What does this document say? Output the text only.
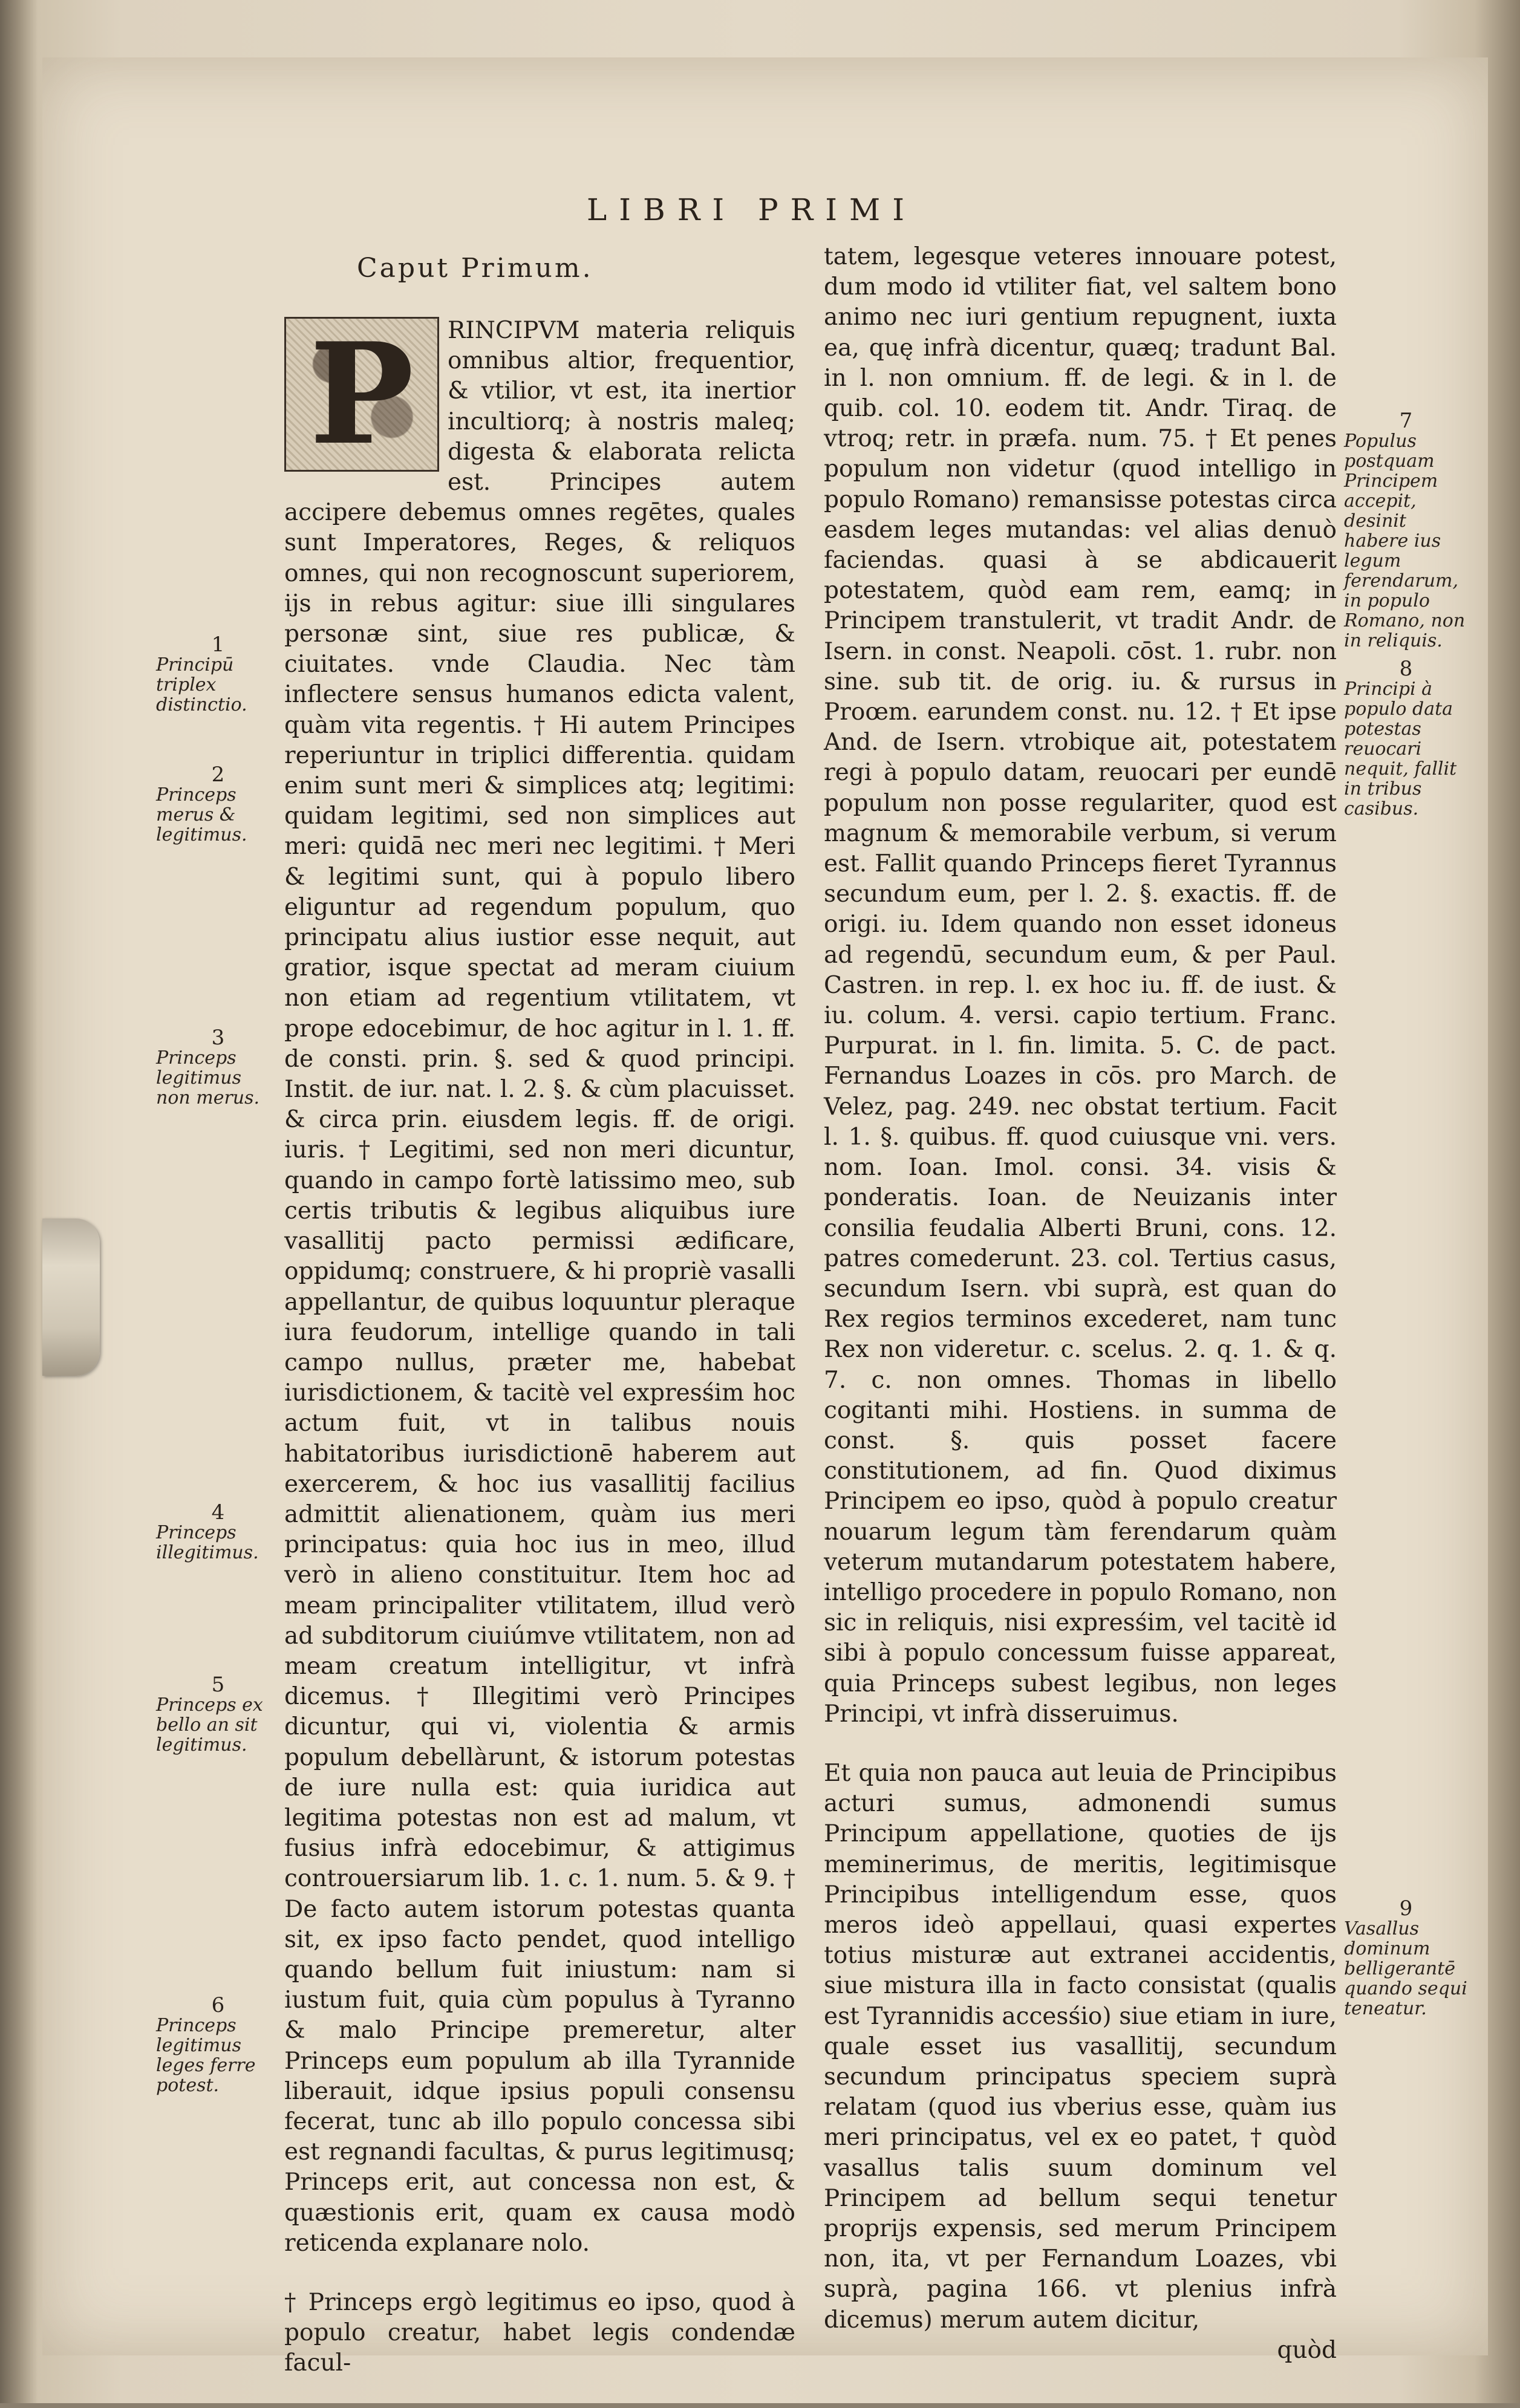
LIBRI PRIMI
Caput Primum.
P	RINCIPVM materia reliquis omnibus altior, frequentior, & vtilior, vt est, ita inertior incultiorq; à nostris maleq; digesta & elaborata relicta est. Principes autem accipere debemus omnes regētes, quales sunt Imperatores, Reges, & reliquos omnes, qui non recognoscunt superiorem, ijs in rebus agitur: siue illi singulares personæ sint, siue res publicæ, & ciuitates. vnde Claudia. Nec tàm inflectere sensus humanos edicta valent, quàm vita regentis. † Hi autem Principes reperiuntur in triplici differentia. quidam enim sunt meri & simplices atq; legitimi: quidam legitimi, sed non simplices aut meri: quidā nec meri nec legitimi. † Meri & legitimi sunt, qui à populo libero eliguntur ad regendum populum, quo principatu alius iustior esse nequit, aut gratior, isque spectat ad meram ciuium non etiam ad regentium vtilitatem, vt prope edocebimur, de hoc agitur in l. 1. ff. de consti. prin. §. sed & quod principi. Instit. de iur. nat. l. 2. §. & cùm placuisset. & circa prin. eiusdem legis. ff. de origi. iuris. † Legitimi, sed non meri dicuntur, quando in campo fortè latissimo meo, sub certis tributis & legibus aliquibus iure vasallitij pacto permissi ædificare, oppidumq; construere, & hi propriè vasalli appellantur, de quibus loquuntur pleraque iura feudorum, intellige quando in tali campo nullus, præter me, habebat iurisdictionem, & tacitè vel expresśim hoc actum fuit, vt in talibus nouis habitatoribus iurisdictionē haberem aut exercerem, & hoc ius vasallitij facilius admittit alienationem, quàm ius meri principatus: quia hoc ius in meo, illud verò in alieno constituitur. Item hoc ad meam principaliter vtilitatem, illud verò ad subditorum ciuiúmve vtilitatem, non ad meam creatum intelligitur, vt infrà dicemus. † Illegitimi verò Principes dicuntur, qui vi, violentia & armis populum debellàrunt, & istorum potestas de iure nulla est: quia iuridica aut legitima potestas non est ad malum, vt fusius infrà edocebimur, & attigimus controuersiarum lib. 1. c. 1. num. 5. & 9. † De facto autem istorum potestas quanta sit, ex ipso facto pendet, quod intelligo quando bellum fuit iniustum: nam si iustum fuit, quia cùm populus à Tyranno & malo Principe premeretur, alter Princeps eum populum ab illa Tyrannide liberauit, idque ipsius populi consensu fecerat, tunc ab illo populo concessa sibi est regnandi facultas, & purus legitimusq; Princeps erit, aut concessa non est, & quæstionis erit, quam ex causa modò reticenda explanare nolo.

† Princeps ergò legitimus eo ipso, quod à populo creatur, habet legis condendæ facul-

tatem, legesque veteres innouare potest, dum modo id vtiliter fiat, vel saltem bono animo nec iuri gentium repugnent, iuxta ea, quę infrà dicentur, quæq; tradunt Bal. in l. non omnium. ff. de legi. & in l. de quib. col. 10. eodem tit. Andr. Tiraq. de vtroq; retr. in præfa. num. 75. † Et penes populum non videtur (quod intelligo in populo Romano) remansisse potestas circa easdem leges mutandas: vel alias denuò faciendas. quasi à se abdicauerit potestatem, quòd eam rem, eamq; in Principem transtulerit, vt tradit Andr. de Isern. in const. Neapoli. cōst. 1. rubr. non sine. sub tit. de orig. iu. & rursus in Proœm. earundem const. nu. 12. † Et ipse And. de Isern. vtrobique ait, potestatem regi à populo datam, reuocari per eundē populum non posse regulariter, quod est magnum & memorabile verbum, si verum est. Fallit quando Princeps fieret Tyrannus secundum eum, per l. 2. §. exactis. ff. de origi. iu. Idem quando non esset idoneus ad regendū, secundum eum, & per Paul. Castren. in rep. l. ex hoc iu. ff. de iust. & iu. colum. 4. versi. capio tertium. Franc. Purpurat. in l. fin. limita. 5. C. de pact. Fernandus Loazes in cōs. pro March. de Velez, pag. 249. nec obstat tertium. Facit l. 1. §. quibus. ff. quod cuiusque vni. vers. nom. Ioan. Imol. consi. 34. visis & ponderatis. Ioan. de Neuizanis inter consilia feudalia Alberti Bruni, cons. 12. patres comederunt. 23. col. Tertius casus, secundum Isern. vbi suprà, est quan do Rex regios terminos excederet, nam tunc Rex non videretur. c. scelus. 2. q. 1. & q. 7. c. non omnes. Thomas in libello cogitanti mihi. Hostiens. in summa de const. §. quis posset facere constitutionem, ad fin. Quod diximus Principem eo ipso, quòd à populo creatur nouarum legum tàm ferendarum quàm veterum mutandarum potestatem habere, intelligo procedere in populo Romano, non sic in reliquis, nisi expresśim, vel tacitè id sibi à populo concessum fuisse appareat, quia Princeps subest legibus, non leges Principi, vt infrà disseruimus.

Et quia non pauca aut leuia de Principibus acturi sumus, admonendi sumus Principum appellatione, quoties de ijs meminerimus, de meritis, legitimisque Principibus intelligendum esse, quos meros ideò appellaui, quasi expertes totius misturæ aut extranei accidentis, siue mistura illa in facto consistat (qualis est Tyrannidis accesśio) siue etiam in iure, quale esset ius vasallitij, secundum secundum principatus speciem suprà relatam (quod ius vberius esse, quàm ius meri principatus, vel ex eo patet, † quòd vasallus talis suum dominum vel Principem ad bellum sequi tenetur proprijs expensis, sed merum Principem non, ita, vt per Fernandum Loazes, vbi suprà, pagina 166. vt plenius infrà dicemus) merum autem dicitur,

quòd

1
Principū triplex distinctio.
2
Princeps merus & legitimus.
3
Princeps legitimus non merus.
4
Princeps illegitimus.
5
Princeps ex bello an sit legitimus.
6
Princeps legitimus leges ferre potest.
7
Populus postquam Principem accepit, desinit habere ius legum ferendarum, in populo Romano, non in reliquis.
8
Principi à populo data potestas reuocari nequit, fallit in tribus casibus.
9
Vasallus dominum belligerantē quando sequi teneatur.
